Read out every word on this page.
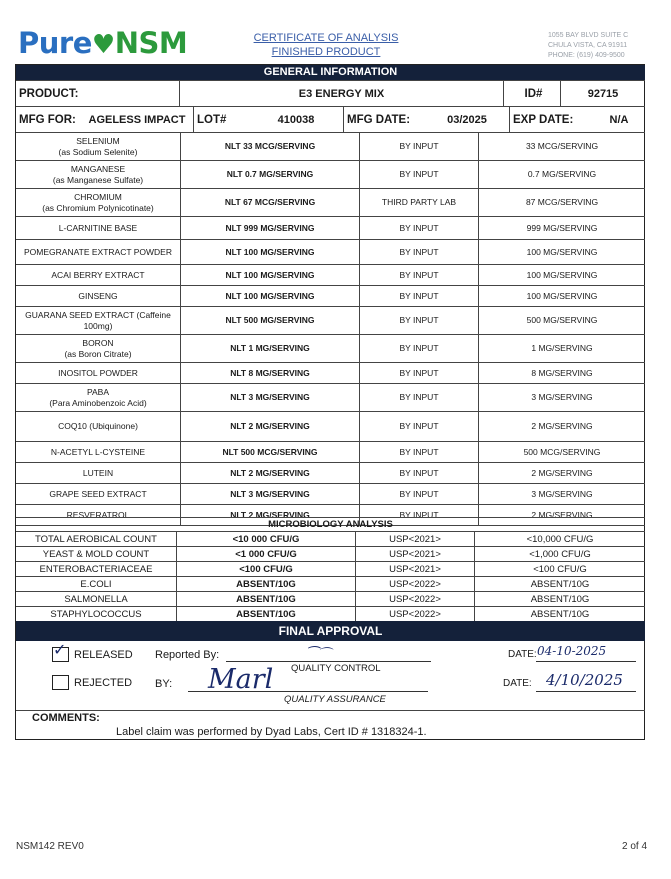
Pure♥NSM	CERTIFICATE OF ANALYSIS
FINISHED PRODUCT
1055 BAY BLVD SUITE C
CHULA VISTA, CA 91911
PHONE: (619) 409-9500
GENERAL INFORMATION
PRODUCT:	E3 ENERGY MIX	ID#	92715
MFG FOR:	AGELESS IMPACT	LOT#	410038	MFG DATE:	03/2025	EXP DATE:	N/A
SELENIUM
(as Sodium Selenite)	NLT 33 MCG/SERVING	BY INPUT	33 MCG/SERVING
MANGANESE
(as Manganese Sulfate)	NLT 0.7 MG/SERVING	BY INPUT	0.7 MG/SERVING
CHROMIUM
(as Chromium Polynicotinate)	NLT 67 MCG/SERVING	THIRD PARTY LAB	87 MCG/SERVING
L-CARNITINE BASE	NLT 999 MG/SERVING	BY INPUT	999 MG/SERVING
POMEGRANATE EXTRACT POWDER	NLT 100 MG/SERVING	BY INPUT	100 MG/SERVING
ACAI BERRY EXTRACT	NLT 100 MG/SERVING	BY INPUT	100 MG/SERVING
GINSENG	NLT 100 MG/SERVING	BY INPUT	100 MG/SERVING
GUARANA SEED EXTRACT (Caffeine
100mg)	NLT 500 MG/SERVING	BY INPUT	500 MG/SERVING
BORON
(as Boron Citrate)	NLT 1 MG/SERVING	BY INPUT	1 MG/SERVING
INOSITOL POWDER	NLT 8 MG/SERVING	BY INPUT	8 MG/SERVING
PABA
(Para Aminobenzoic Acid)	NLT 3 MG/SERVING	BY INPUT	3 MG/SERVING
COQ10 (Ubiquinone)	NLT 2 MG/SERVING	BY INPUT	2 MG/SERVING
N-ACETYL L-CYSTEINE	NLT 500 MCG/SERVING	BY INPUT	500 MCG/SERVING
LUTEIN	NLT 2 MG/SERVING	BY INPUT	2 MG/SERVING
GRAPE SEED EXTRACT	NLT 3 MG/SERVING	BY INPUT	3 MG/SERVING
RESVERATROL	NLT 2 MG/SERVING	BY INPUT	2 MG/SERVING
MICROBIOLOGY ANALYSIS
TOTAL AEROBICAL COUNT	<10 000 CFU/G	USP<2021>	<10,000 CFU/G
YEAST & MOLD COUNT	<1 000 CFU/G	USP<2021>	<1,000 CFU/G
ENTEROBACTERIACEAE	<100 CFU/G	USP<2021>	<100 CFU/G
E.COLI	ABSENT/10G	USP<2022>	ABSENT/10G
SALMONELLA	ABSENT/10G	USP<2022>	ABSENT/10G
STAPHYLOCOCCUS	ABSENT/10G	USP<2022>	ABSENT/10G
FINAL APPROVAL
✓ RELEASED Reported By:	⁀⌒
QUALITY CONTROL
DATE: 04-10-2025
REJECTED BY: Marl
QUALITY ASSURANCE
DATE: 4/10/2025
COMMENTS:
Label claim was performed by Dyad Labs, Cert ID # 1318324-1.
NSM142 REV0	2 of 4
